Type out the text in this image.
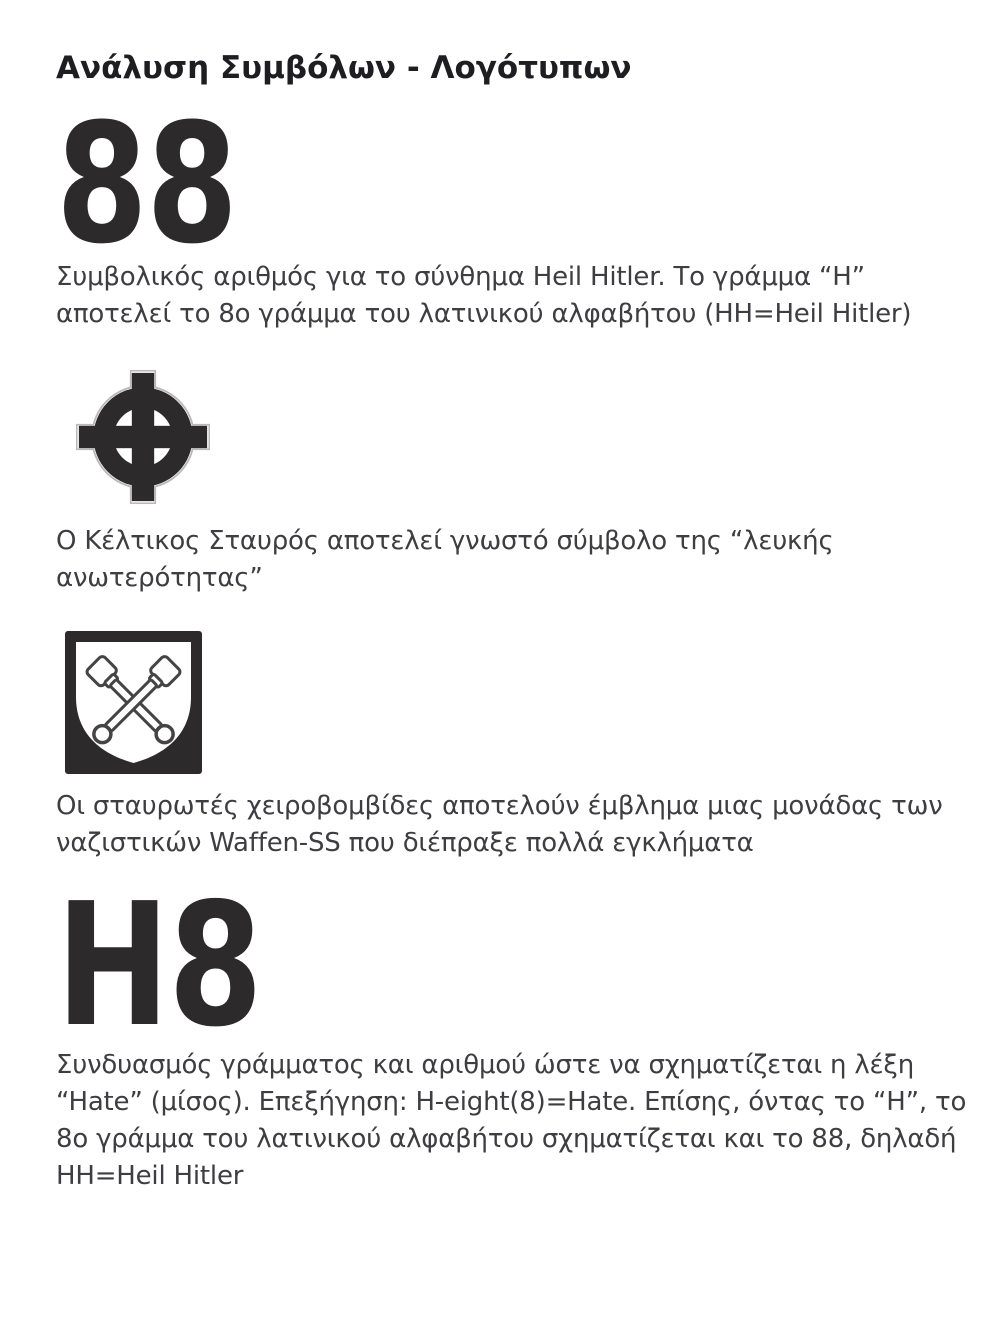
Ανάλυση Συμβόλων - Λογότυπων
88
Συμβολικός αριθμός για το σύνθημα Heil Hitler. Το γράμμα “Η”
αποτελεί το 8ο γράμμα του λατινικού αλφαβήτου (ΗΗ=Heil Hitler)
Ο Κέλτικος Σταυρός αποτελεί γνωστό σύμβολο της “λευκής
ανωτερότητας”
Οι σταυρωτές χειροβομβίδες αποτελούν έμβλημα μιας μονάδας των
ναζιστικών Waffen-SS που διέπραξε πολλά εγκλήματα
H8
Συνδυασμός γράμματος και αριθμού ώστε να σχηματίζεται η λέξη
“Hate” (μίσος). Επεξήγηση: H-eight(8)=Hate. Επίσης, όντας το “Η”, το
8ο γράμμα του λατινικού αλφαβήτου σχηματίζεται και το 88, δηλαδή
ΗΗ=Heil Hitler
